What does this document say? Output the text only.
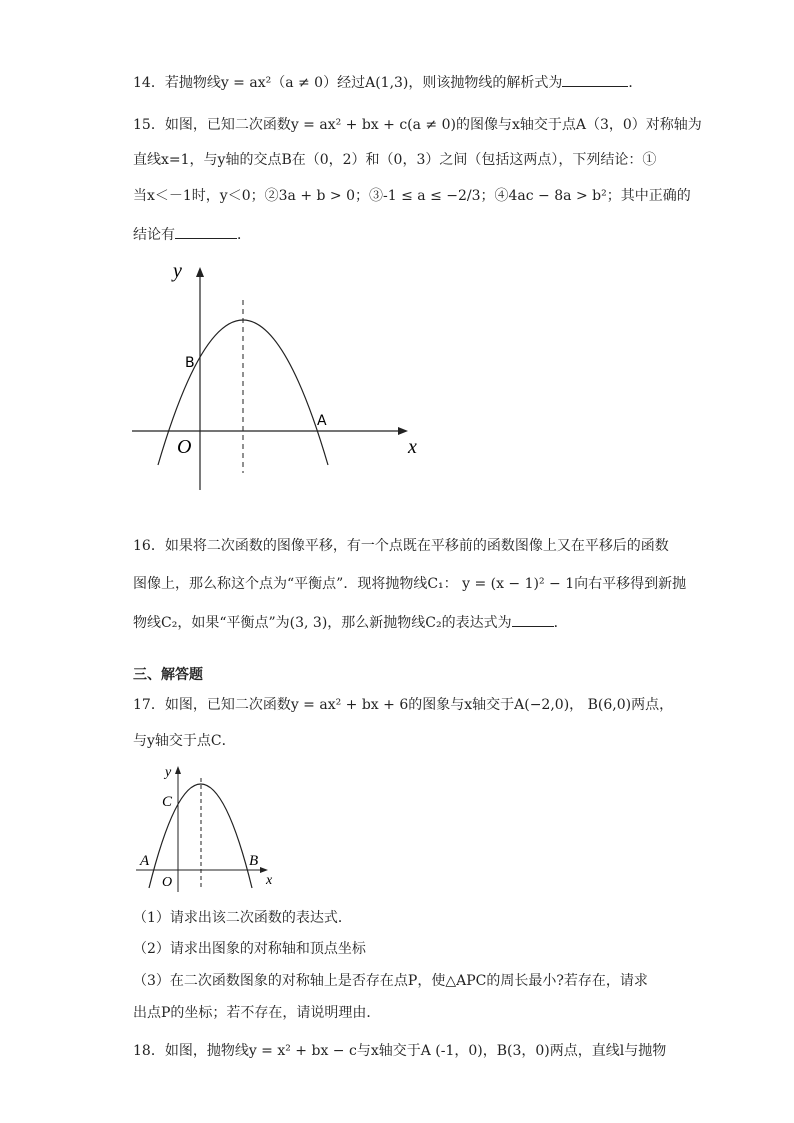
14．若抛物线y = ax²（a ≠ 0）经过A(1,3)，则该抛物线的解析式为	．
15．如图，已知二次函数y = ax² + bx + c(a ≠ 0)的图像与x轴交于点A（3，0）对称轴为
直线x=1，与y轴的交点B在（0，2）和（0，3）之间（包括这两点），下列结论：①
当x＜－1时，y＜0；②3a + b > 0；③-1 ≤ a ≤ −2/3；④4ac − 8a > b²；其中正确的
结论有	．
y
x
O
B
A
16．如果将二次函数的图像平移，有一个点既在平移前的函数图像上又在平移后的函数
图像上，那么称这个点为“平衡点”．现将抛物线C₁： y = (x − 1)² − 1向右平移得到新抛
物线C₂，如果“平衡点”为(3, 3)，那么新抛物线C₂的表达式为	．
三、解答题
17．如图，已知二次函数y = ax² + bx + 6的图象与x轴交于A(−2,0)， B(6,0)两点，
与y轴交于点C．
y
x
O
C
A	B
（1）请求出该二次函数的表达式．
（2）请求出图象的对称轴和顶点坐标
（3）在二次函数图象的对称轴上是否存在点P，使△APC的周长最小?若存在，请求
出点P的坐标；若不存在，请说明理由．
18．如图，抛物线y = x² + bx − c与x轴交于A (-1，0)，B(3，0)两点，直线l与抛物
